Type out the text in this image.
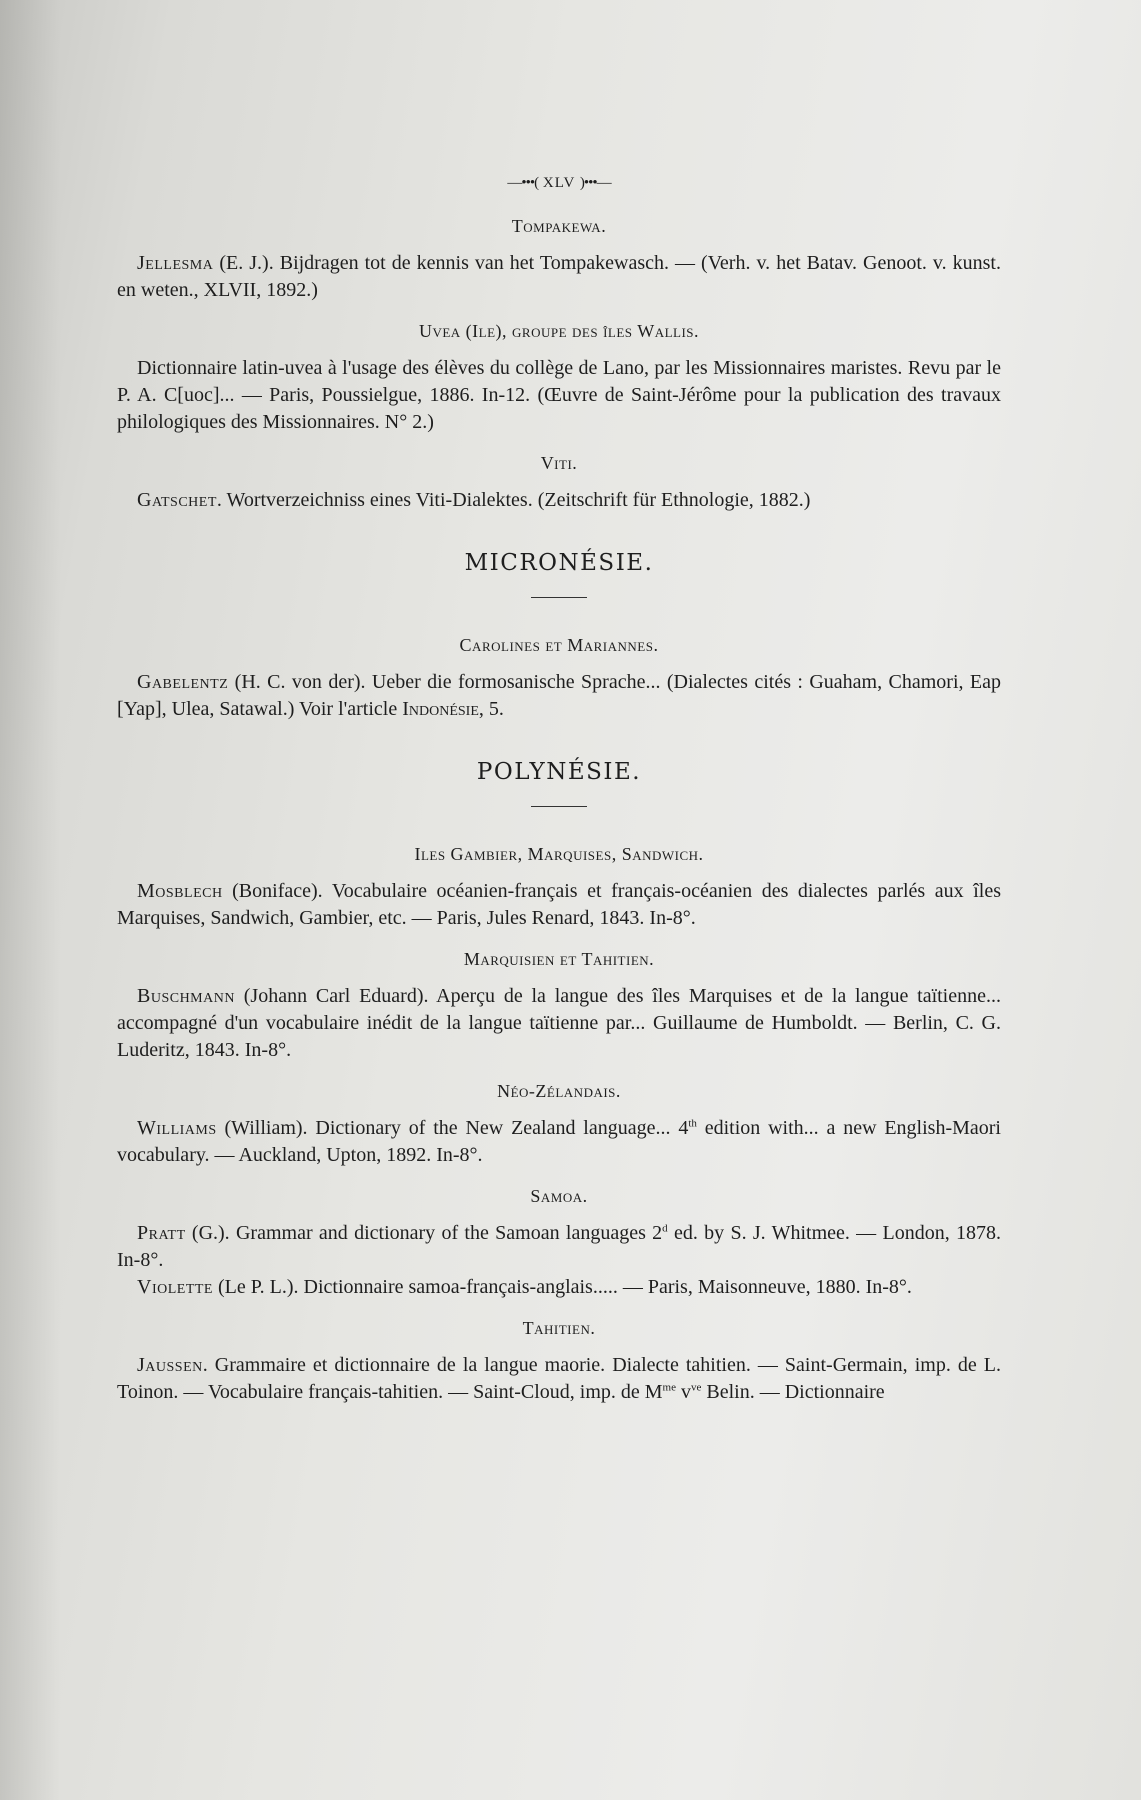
—•••( XLV )•••—
Tompakewa.

Jellesma (E. J.). Bijdragen tot de kennis van het Tompakewasch. — (Verh. v. het Batav. Genoot. v. kunst. en weten., XLVII, 1892.)

Uvea (Ile), groupe des îles Wallis.

Dictionnaire latin-uvea à l'usage des élèves du collège de Lano, par les Missionnaires maristes. Revu par le P. A. C[uoc]... — Paris, Poussielgue, 1886. In-12. (Œuvre de Saint-Jérôme pour la publication des travaux philologiques des Missionnaires. N° 2.)

Viti.

Gatschet. Wortverzeichniss eines Viti-Dialektes. (Zeitschrift für Ethnologie, 1882.)

MICRONÉSIE.
Carolines et Mariannes.

Gabelentz (H. C. von der). Ueber die formosanische Sprache... (Dialectes cités : Guaham, Chamori, Eap [Yap], Ulea, Satawal.) Voir l'article Indonésie, 5.

POLYNÉSIE.
Iles Gambier, Marquises, Sandwich.

Mosblech (Boniface). Vocabulaire océanien-français et français-océanien des dialectes parlés aux îles Marquises, Sandwich, Gambier, etc. — Paris, Jules Renard, 1843. In-8°.

Marquisien et Tahitien.

Buschmann (Johann Carl Eduard). Aperçu de la langue des îles Marquises et de la langue taïtienne... accompagné d'un vocabulaire inédit de la langue taïtienne par... Guillaume de Humboldt. — Berlin, C. G. Luderitz, 1843. In-8°.

Néo-Zélandais.

Williams (William). Dictionary of the New Zealand language... 4th edition with... a new English-Maori vocabulary. — Auckland, Upton, 1892. In-8°.

Samoa.

Pratt (G.). Grammar and dictionary of the Samoan languages 2$^d$ ed. by S. J. Whitmee. — London, 1878. In-8°.

Violette (Le P. L.). Dictionnaire samoa-français-anglais..... — Paris, Maisonneuve, 1880. In-8°.

Tahitien.

Jaussen. Grammaire et dictionnaire de la langue maorie. Dialecte tahitien. — Saint-Germain, imp. de L. Toinon. — Vocabulaire français-tahitien. — Saint-Cloud, imp. de $M^{me}$ $v^{ve}$ Belin. — Dictionnaire
